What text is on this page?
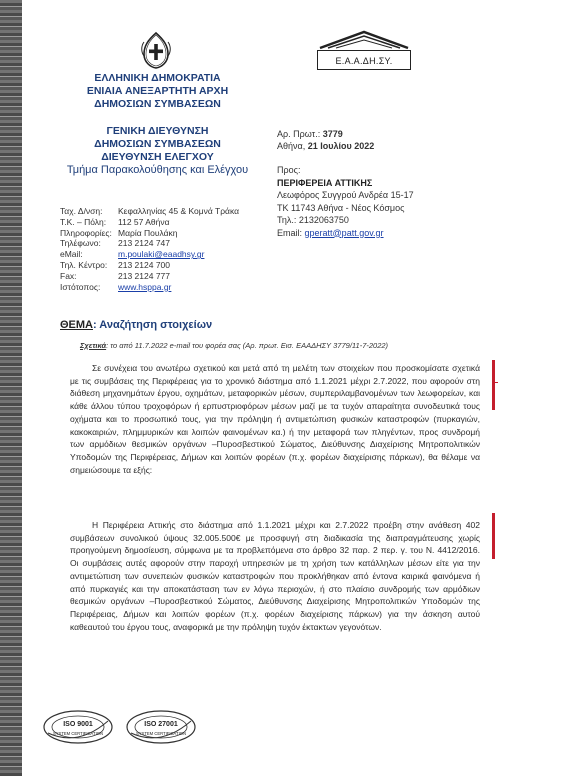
Ε.Α.Α.ΔΗ.ΣΥ.
ΕΛΛΗΝΙΚΗ ΔΗΜΟΚΡΑΤΙΑ
ΕΝΙΑΙΑ ΑΝΕΞΑΡΤΗΤΗ ΑΡΧΗ
ΔΗΜΟΣΙΩΝ ΣΥΜΒΑΣΕΩΝ
ΓΕΝΙΚΗ ΔΙΕΥΘΥΝΣΗ
ΔΗΜΟΣΙΩΝ ΣΥΜΒΑΣΕΩΝ
ΔΙΕΥΘΥΝΣΗ ΕΛΕΓΧΟΥ
Τμήμα Παρακολούθησης και Ελέγχου
Αρ. Πρωτ.: 3779
Αθήνα, 21 Ιουλίου 2022
Προς:
ΠΕΡΙΦΕΡΕΙΑ ΑΤΤΙΚΗΣ
Λεωφόρος Συγγρού Ανδρέα 15-17
ΤΚ 11743 Αθήνα - Νέος Κόσμος
Τηλ.: 2132063750
Email: gperatt@patt.gov.gr
Ταχ. Δ/νση: Κεφαλληνίας 45 & Κομνά Τράκα
Τ.Κ. – Πόλη: 112 57 Αθήνα
Πληροφορίες: Μαρία Πουλάκη
Τηλέφωνο: 213 2124 747
eMail:	m.poulaki@eaadhsy.gr
Τηλ. Κέντρο: 213 2124 700
Fax:	213 2124 777
Ιστότοπος: www.hsppa.gr
ΘΕΜΑ: Αναζήτηση στοιχείων
Σχετικά: το από 11.7.2022 e-mail του φορέα σας (Αρ. πρωτ. Εισ. ΕΑΑΔΗΣΥ 3779/11-7-2022)
Σε συνέχεια του ανωτέρω σχετικού και μετά από τη μελέτη των στοιχείων που προσκομίσατε σχετικά με τις συμβάσεις της Περιφέρειας για το χρονικό διάστημα από 1.1.2021 μέχρι 2.7.2022, που αφορούν στη διάθεση μηχανημάτων έργου, οχημάτων, μεταφορικών μέσων, συμπεριλαμβανομένων των λεωφορείων, και κάθε άλλου τύπου τροχοφόρων ή ερπυστριοφόρων μέσων μαζί με τα τυχόν απαραίτητα συνοδευτικά τους οχήματα και το προσωπικό τους, για την πρόληψη ή αντιμετώπιση φυσικών καταστροφών (πυρκαγιών, κακοκαιριών, πλημμυρικών και λοιπών φαινομένων κα.) ή την μεταφορά των πληγέντων, προς συνδρομή των αρμόδιων θεσμικών οργάνων –Πυροσβεστικού Σώματος, Διεύθυνσης Διαχείρισης Μητροπολιτικών Υποδομών της Περιφέρειας, Δήμων και λοιπών φορέων (π.χ. φορέων διαχείρισης πάρκων), θα θέλαμε να σημειώσουμε τα εξής:
Η Περιφέρεια Αττικής στο διάστημα από 1.1.2021 μέχρι και 2.7.2022 προέβη στην ανάθεση 402 συμβάσεων συνολικού ύψους 32.005.500€ με προσφυγή στη διαδικασία της διαπραγμάτευσης χωρίς προηγούμενη δημοσίευση, σύμφωνα με τα προβλεπόμενα στο άρθρο 32 παρ. 2 περ. γ. του Ν. 4412/2016. Οι συμβάσεις αυτές αφορούν στην παροχή υπηρεσιών με τη χρήση των κατάλληλων μέσων είτε για την αντιμετώπιση των συνεπειών φυσικών καταστροφών που προκλήθηκαν από έντονα καιρικά φαινόμενα ή από πυρκαγιές και την αποκατάσταση των εν λόγω περιοχών, ή στο πλαίσιο συνδρομής των αρμόδιων θεσμικών οργάνων –Πυροσβεστικού Σώματος, Διεύθυνσης Διαχείρισης Μητροπολιτικών Υποδομών της Περιφέρειας, Δήμων και λοιπών φορέων (π.χ. φορέων διαχείρισης πάρκων) για την άσκηση αυτού καθεαυτού του έργου τους, αναφορικά με την πρόληψη τυχόν έκτακτων γεγονότων.
ISO 9001
SYSTEM CERTIFICATION
ISO 27001
SYSTEM CERTIFICATION
